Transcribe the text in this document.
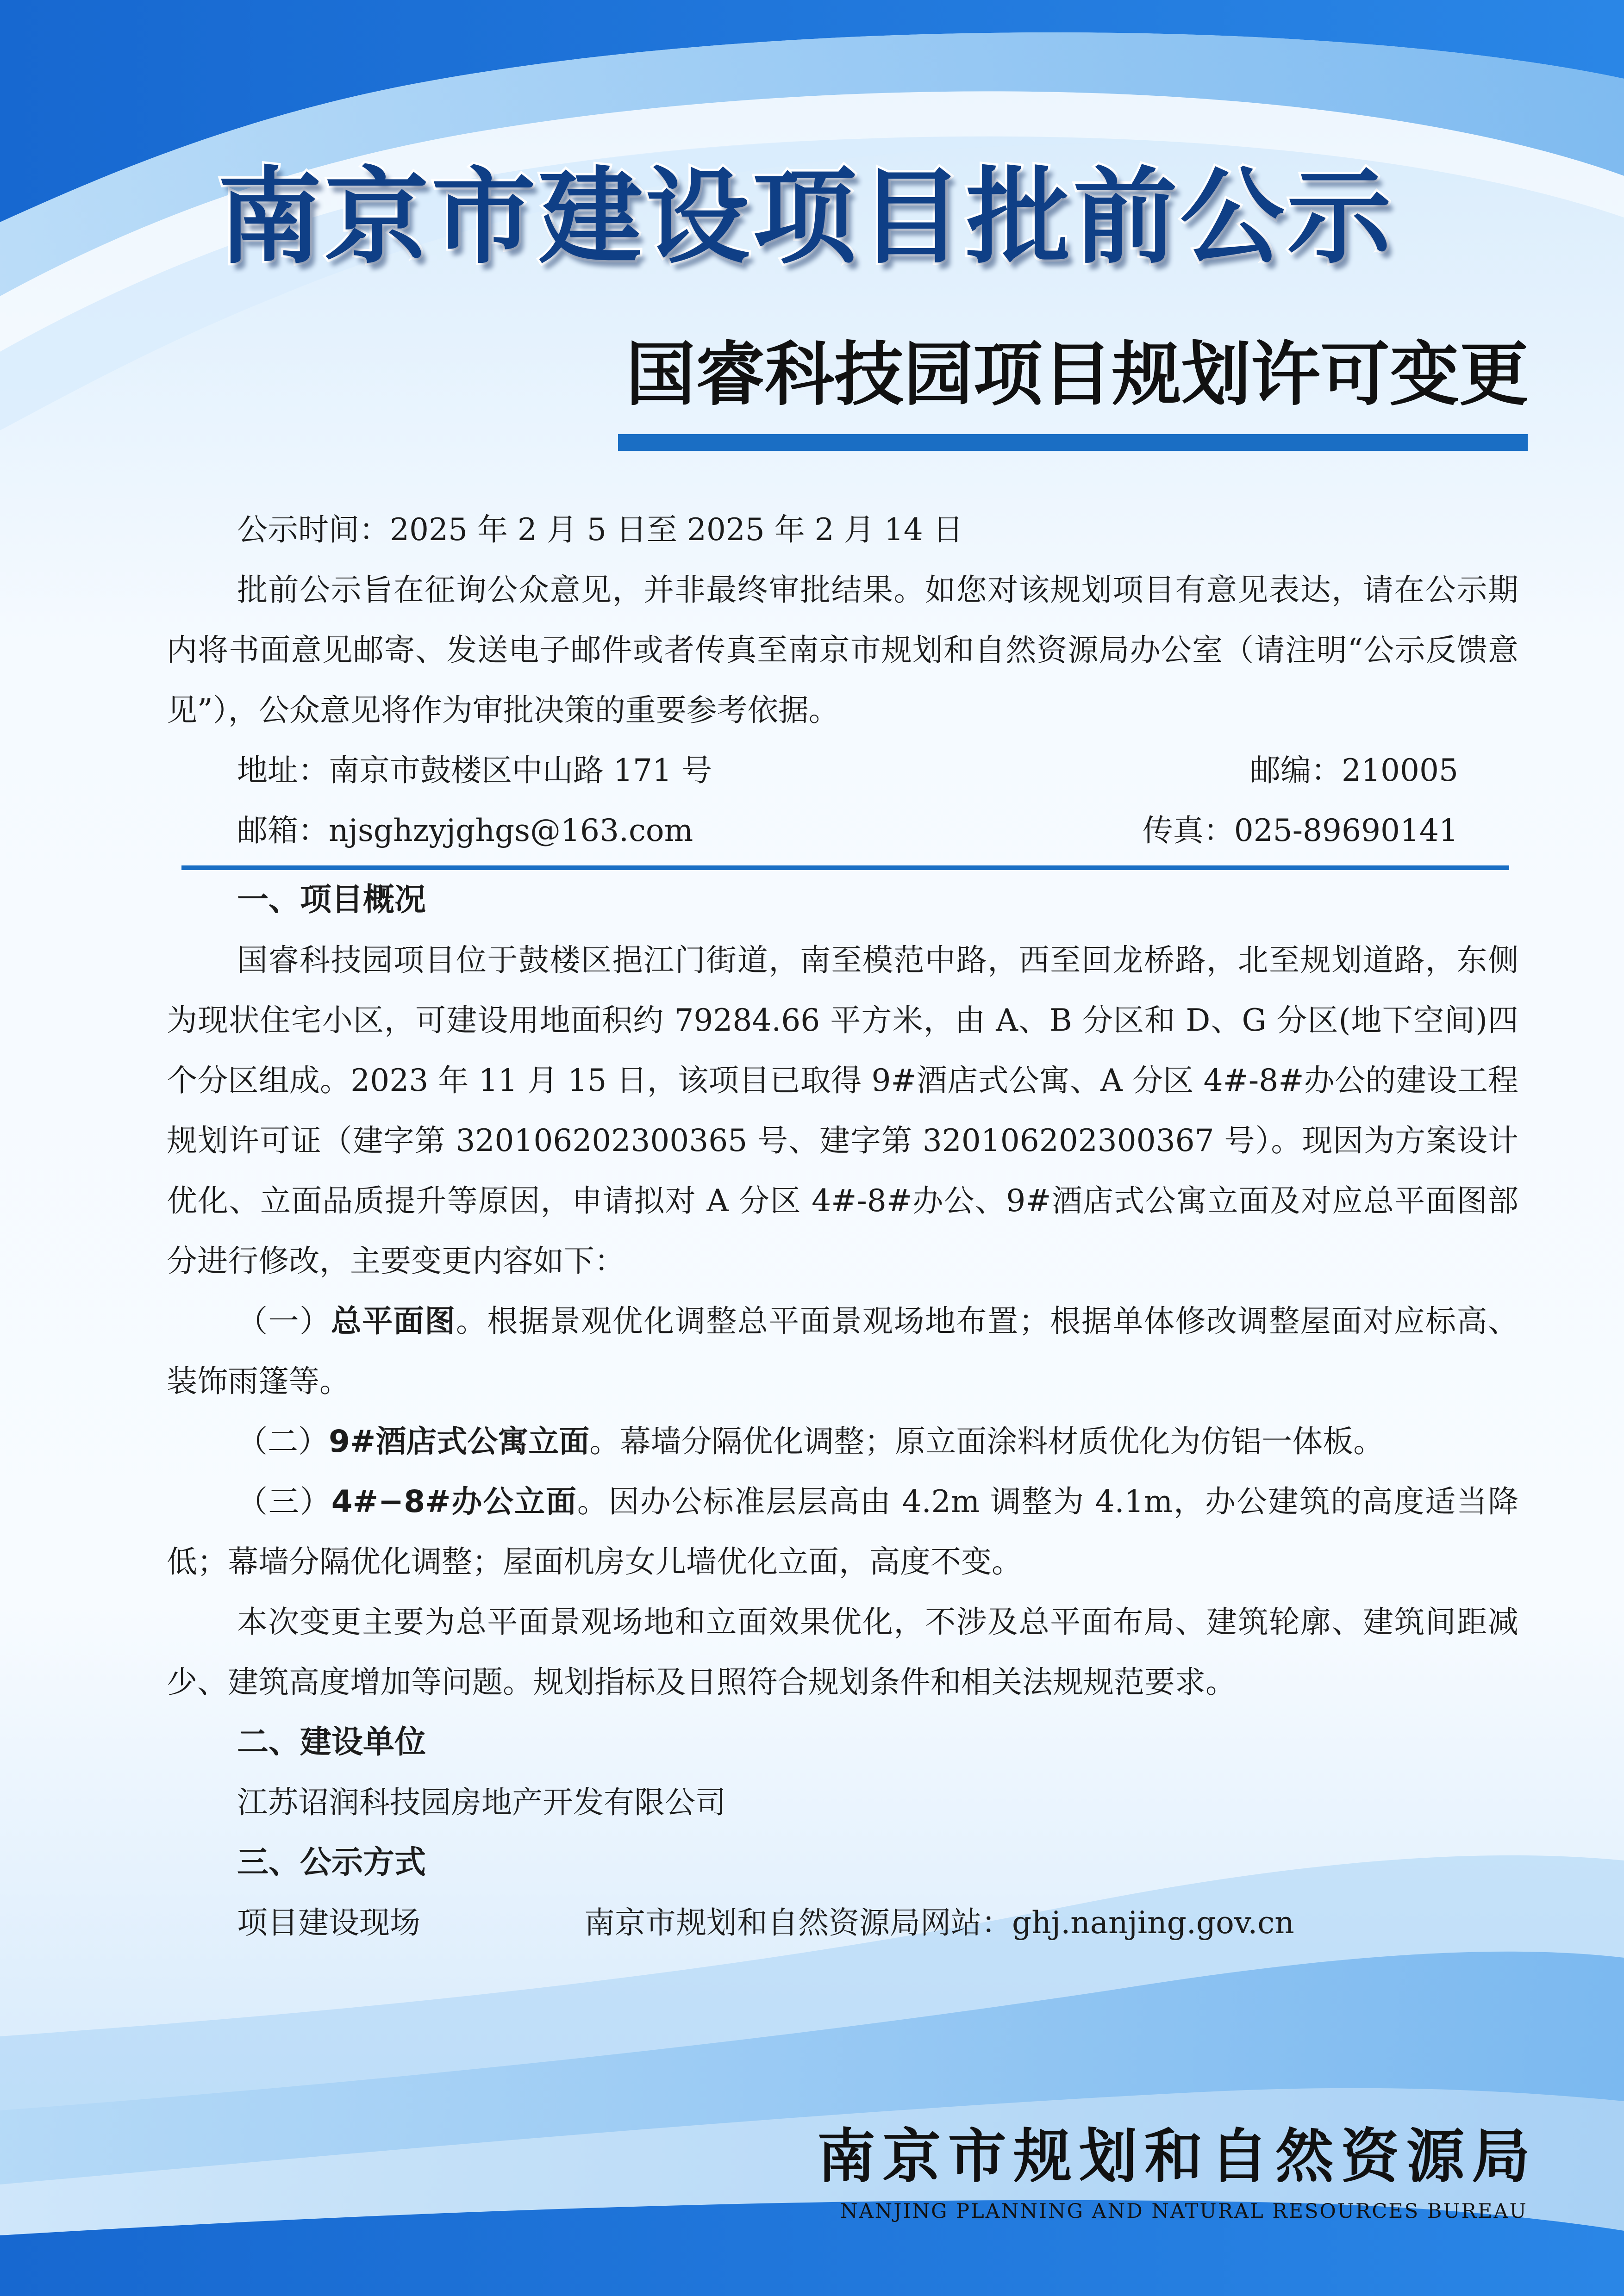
南京市建设项目批前公示
国睿科技园项目规划许可变更

公示时间：2025 年 2 月 5 日至 2025 年 2 月 14 日

批前公示旨在征询公众意见，并非最终审批结果。如您对该规划项目有意见表达，请在公示期内将书面意见邮寄、发送电子邮件或者传真至南京市规划和自然资源局办公室（请注明“公示反馈意见”），公众意见将作为审批决策的重要参考依据。

地址：南京市鼓楼区中山路 171 号	邮编：210005
邮箱：njsghzyjghgs@163.com	传真：025-89690141

一、项目概况

国睿科技园项目位于鼓楼区挹江门街道，南至模范中路，西至回龙桥路，北至规划道路，东侧为现状住宅小区，可建设用地面积约 79284.66 平方米，由 A、B 分区和 D、G 分区(地下空间)四个分区组成。2023 年 11 月 15 日，该项目已取得 9#酒店式公寓、A 分区 4#-8#办公的建设工程规划许可证（建字第 320106202300365 号、建字第 320106202300367 号）。现因为方案设计优化、立面品质提升等原因，申请拟对 A 分区 4#-8#办公、9#酒店式公寓立面及对应总平面图部分进行修改，主要变更内容如下：

（一）总平面图。根据景观优化调整总平面景观场地布置；根据单体修改调整屋面对应标高、装饰雨篷等。

（二）9#酒店式公寓立面。幕墙分隔优化调整；原立面涂料材质优化为仿铝一体板。

（三）4#−8#办公立面。因办公标准层层高由 4.2m 调整为 4.1m，办公建筑的高度适当降低；幕墙分隔优化调整；屋面机房女儿墙优化立面，高度不变。

本次变更主要为总平面景观场地和立面效果优化，不涉及总平面布局、建筑轮廓、建筑间距减少、建筑高度增加等问题。规划指标及日照符合规划条件和相关法规规范要求。

二、建设单位

江苏诏润科技园房地产开发有限公司

三、公示方式

项目建设现场	南京市规划和自然资源局网站：ghj.nanjing.gov.cn
南京市规划和自然资源局
NANJING PLANNING AND NATURAL RESOURCES BUREAU
